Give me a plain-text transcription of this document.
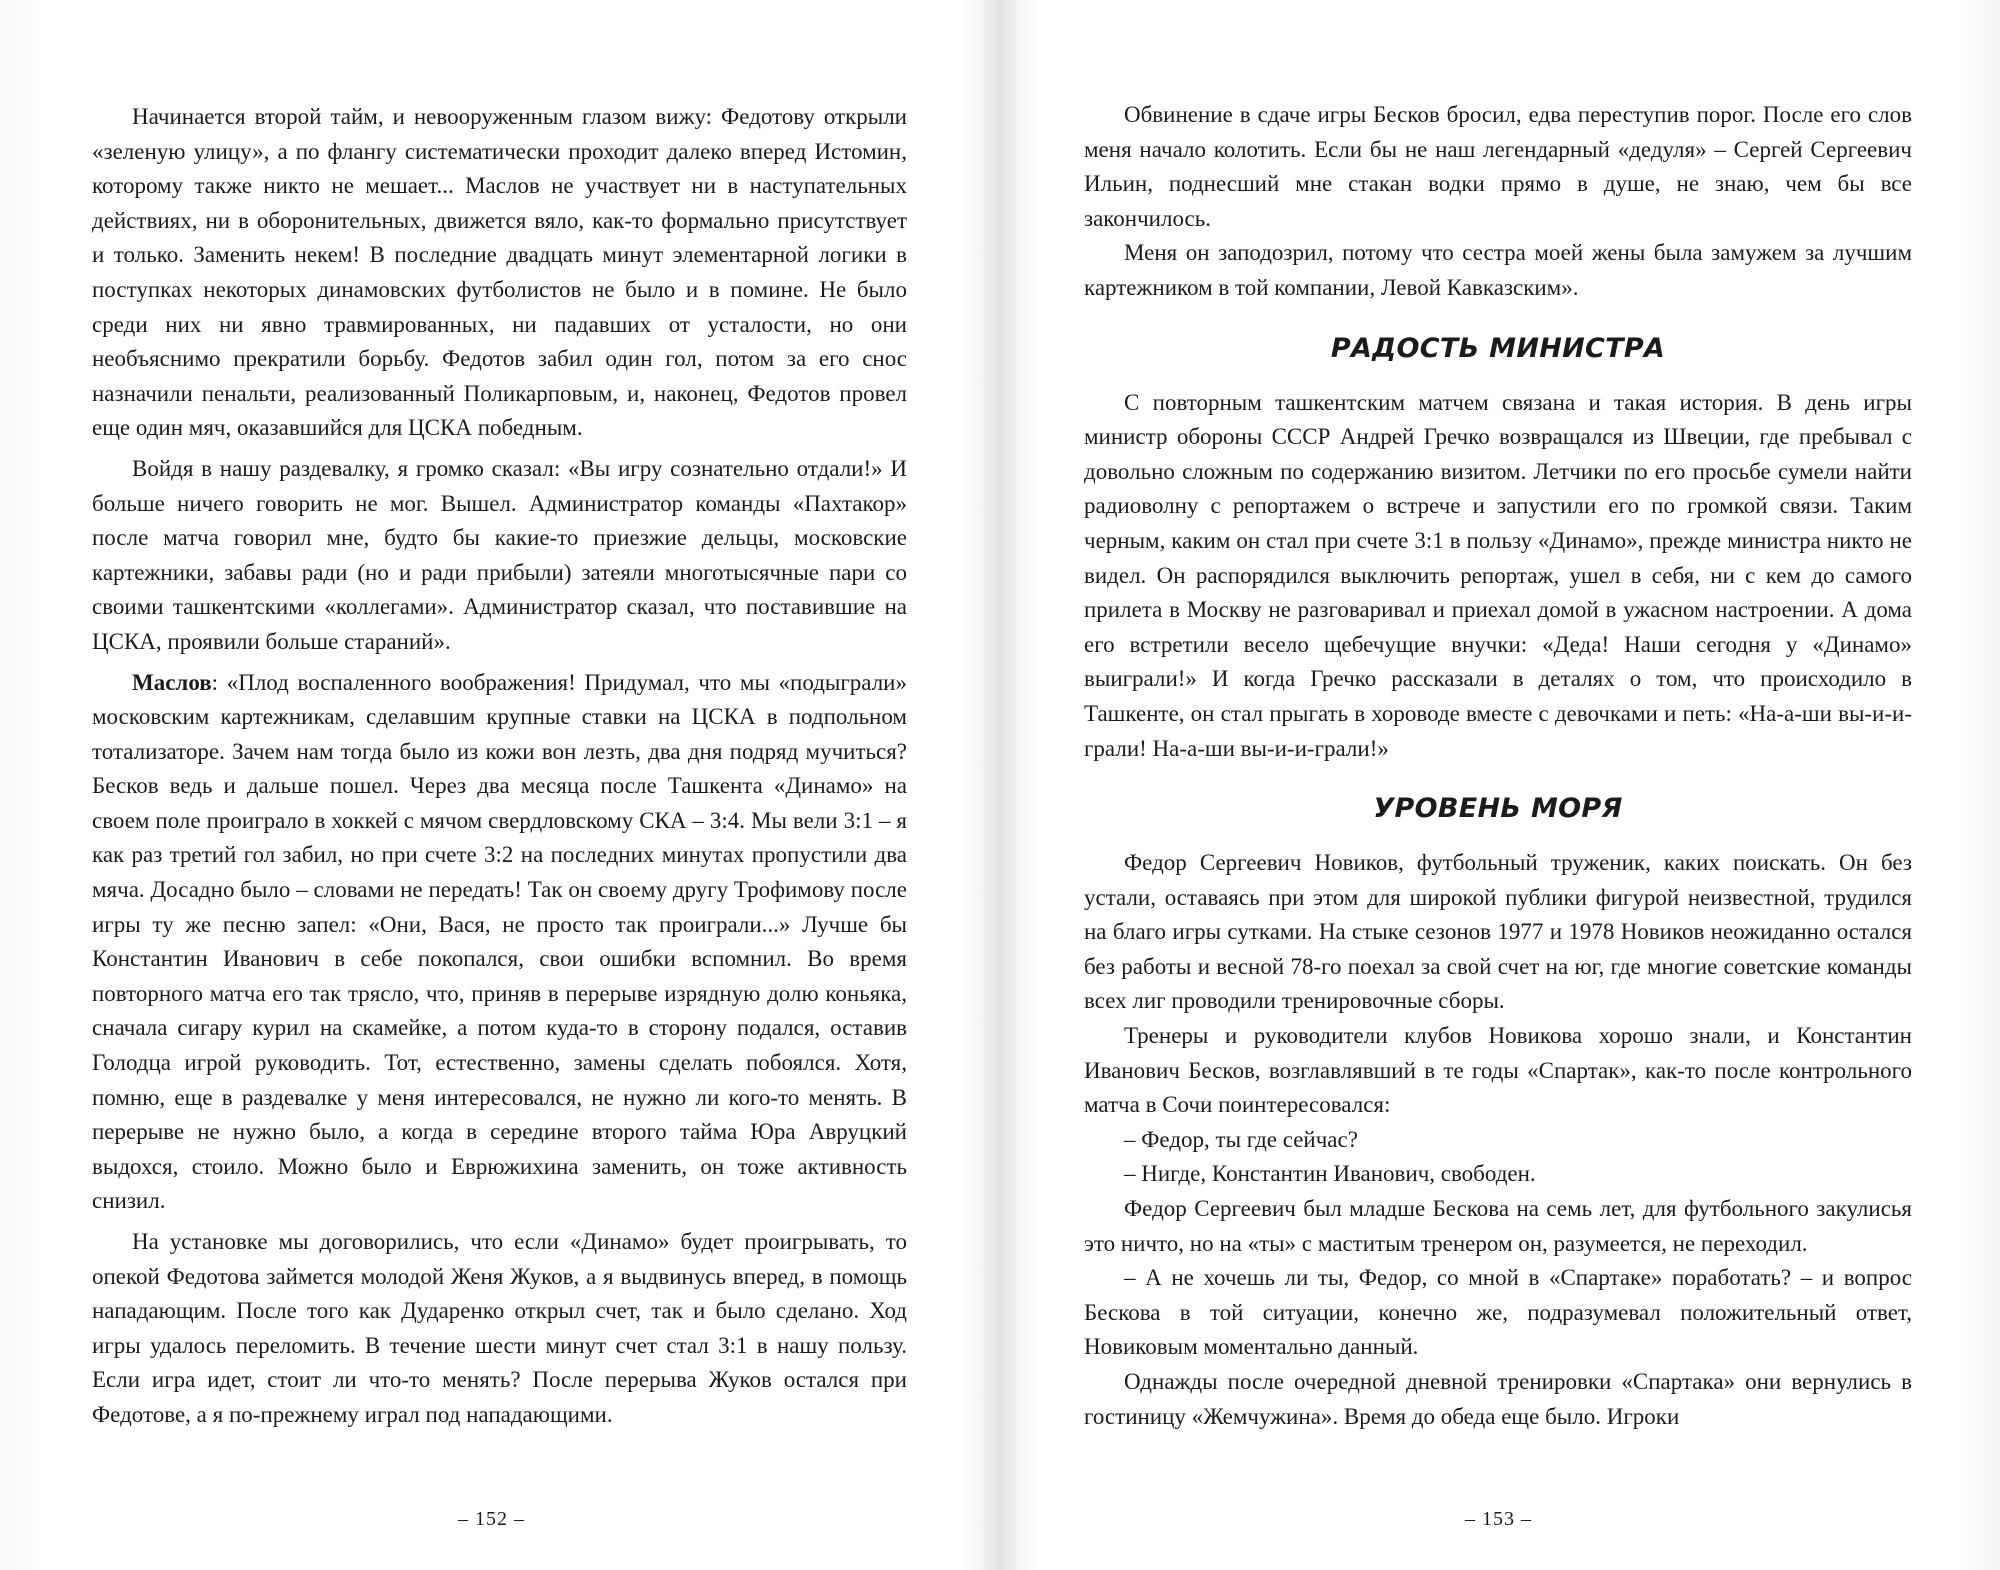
Начинается второй тайм, и невооруженным глазом вижу: Федотову открыли «зеленую улицу», а по флангу систематически проходит далеко вперед Истомин, которому также никто не мешает... Маслов не участвует ни в наступательных действиях, ни в оборонительных, движется вяло, как-то формально присутствует и только. Заменить некем! В последние двадцать минут элементарной логики в поступках некоторых динамовских футболистов не было и в помине. Не было среди них ни явно травмированных, ни падавших от усталости, но они необъяснимо прекратили борьбу. Федотов забил один гол, потом за его снос назначили пенальти, реализованный Поликарповым, и, наконец, Федотов провел еще один мяч, оказавшийся для ЦСКА победным.

Войдя в нашу раздевалку, я громко сказал: «Вы игру сознательно отдали!» И больше ничего говорить не мог. Вышел. Администратор команды «Пахтакор» после матча говорил мне, будто бы какие-то приезжие дельцы, московские картежники, забавы ради (но и ради прибыли) затеяли многотысячные пари со своими ташкентскими «коллегами». Администратор сказал, что поставившие на ЦСКА, проявили больше стараний».

Маслов: «Плод воспаленного воображения! Придумал, что мы «подыграли» московским картежникам, сделавшим крупные ставки на ЦСКА в подпольном тотализаторе. Зачем нам тогда было из кожи вон лезть, два дня подряд мучиться? Бесков ведь и дальше пошел. Через два месяца после Ташкента «Динамо» на своем поле проиграло в хоккей с мячом свердловскому СКА – 3:4. Мы вели 3:1 – я как раз третий гол забил, но при счете 3:2 на последних минутах пропустили два мяча. Досадно было – словами не передать! Так он своему другу Трофимову после игры ту же песню запел: «Они, Вася, не просто так проиграли...» Лучше бы Константин Иванович в себе покопался, свои ошибки вспомнил. Во время повторного матча его так трясло, что, приняв в перерыве изрядную долю коньяка, сначала сигару курил на скамейке, а потом куда-то в сторону подался, оставив Голодца игрой руководить. Тот, естественно, замены сделать побоялся. Хотя, помню, еще в раздевалке у меня интересовался, не нужно ли кого-то менять. В перерыве не нужно было, а когда в середине второго тайма Юра Авруцкий выдохся, стоило. Можно было и Еврюжихина заменить, он тоже активность снизил.

На установке мы договорились, что если «Динамо» будет проигрывать, то опекой Федотова займется молодой Женя Жуков, а я выдвинусь вперед, в помощь нападающим. После того как Дударенко открыл счет, так и было сделано. Ход игры удалось переломить. В течение шести минут счет стал 3:1 в нашу пользу. Если игра идет, стоит ли что-то менять? После перерыва Жуков остался при Федотове, а я по-прежнему играл под нападающими.

– 152 –

Обвинение в сдаче игры Бесков бросил, едва переступив порог. После его слов меня начало колотить. Если бы не наш легендарный «дедуля» – Сергей Сергеевич Ильин, поднесший мне стакан водки прямо в душе, не знаю, чем бы все закончилось.

Меня он заподозрил, потому что сестра моей жены была замужем за лучшим картежником в той компании, Левой Кавказским».

РАДОСТЬ МИНИСТРА

С повторным ташкентским матчем связана и такая история. В день игры министр обороны СССР Андрей Гречко возвращался из Швеции, где пребывал с довольно сложным по содержанию визитом. Летчики по его просьбе сумели найти радиоволну с репортажем о встрече и запустили его по громкой связи. Таким черным, каким он стал при счете 3:1 в пользу «Динамо», прежде министра никто не видел. Он распорядился выключить репортаж, ушел в себя, ни с кем до самого прилета в Москву не разговаривал и приехал домой в ужасном настроении. А дома его встретили весело щебечущие внучки: «Деда! Наши сегодня у «Динамо» выиграли!» И когда Гречко рассказали в деталях о том, что происходило в Ташкенте, он стал прыгать в хороводе вместе с девочками и петь: «На-а-ши вы-и-и-грали! На-а-ши вы-и-и-грали!»

УРОВЕНЬ МОРЯ

Федор Сергеевич Новиков, футбольный труженик, каких поискать. Он без устали, оставаясь при этом для широкой публики фигурой неизвестной, трудился на благо игры сутками. На стыке сезонов 1977 и 1978 Новиков неожиданно остался без работы и весной 78-го поехал за свой счет на юг, где многие советские команды всех лиг проводили тренировочные сборы.

Тренеры и руководители клубов Новикова хорошо знали, и Константин Иванович Бесков, возглавлявший в те годы «Спартак», как-то после контрольного матча в Сочи поинтересовался:

– Федор, ты где сейчас?

– Нигде, Константин Иванович, свободен.

Федор Сергеевич был младше Бескова на семь лет, для футбольного закулисья это ничто, но на «ты» с маститым тренером он, разумеется, не переходил.

– А не хочешь ли ты, Федор, со мной в «Спартаке» поработать? – и вопрос Бескова в той ситуации, конечно же, подразумевал положительный ответ, Новиковым моментально данный.

Однажды после очередной дневной тренировки «Спартака» они вернулись в гостиницу «Жемчужина». Время до обеда еще было. Игроки

– 153 –
